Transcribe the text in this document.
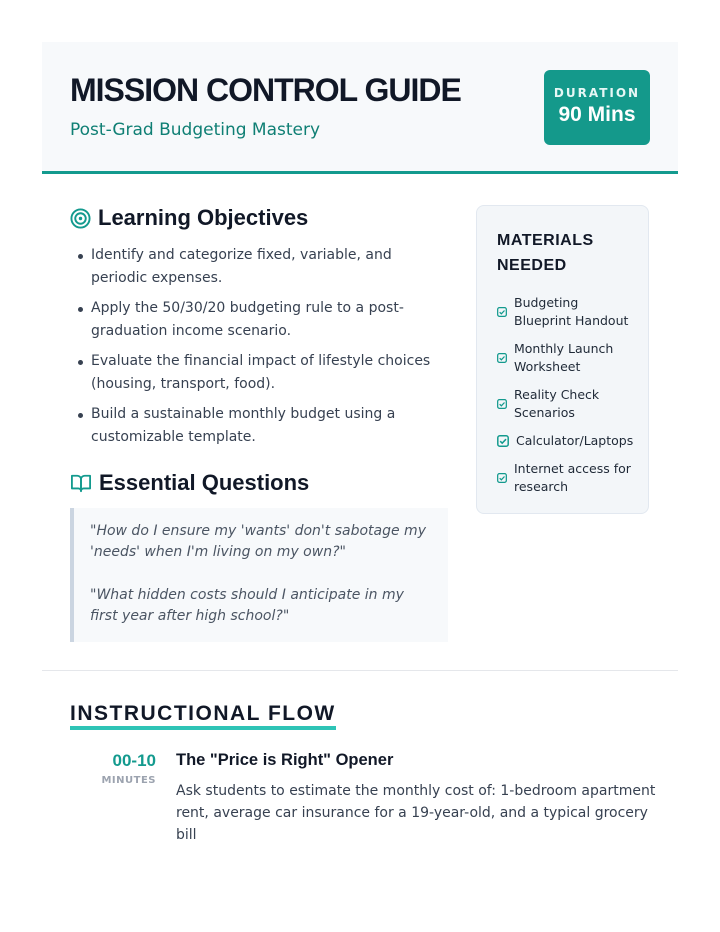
MISSION CONTROL GUIDE
Post-Grad Budgeting Mastery
DURATION
90 Mins
Learning Objectives
Identify and categorize fixed, variable, and periodic expenses.
Apply the 50/30/20 budgeting rule to a post-graduation income scenario.
Evaluate the financial impact of lifestyle choices (housing, transport, food).
Build a sustainable monthly budget using a customizable template.
Essential Questions

"How do I ensure my 'wants' don't sabotage my 'needs' when I'm living on my own?"

"What hidden costs should I anticipate in my first year after high school?"

MATERIALS NEEDED
Budgeting Blueprint Handout
Monthly Launch Worksheet
Reality Check Scenarios
Calculator/Laptops
Internet access for research
INSTRUCTIONAL FLOW
00-10
MINUTES
The "Price is Right" Opener
Ask students to estimate the monthly cost of: 1-bedroom apartment rent, average car insurance for a 19-year-old, and a typical grocery bill
